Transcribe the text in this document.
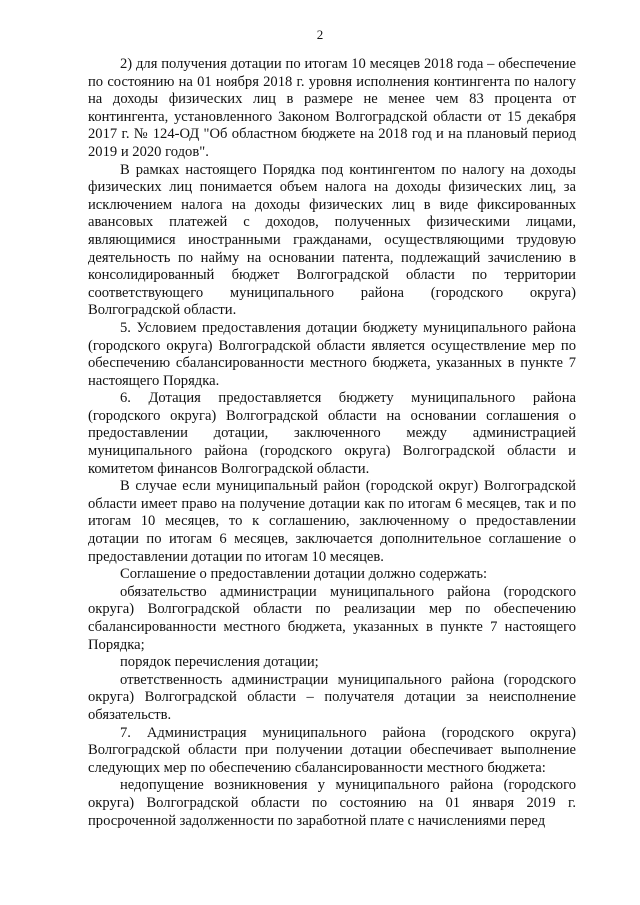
2

2) для получения дотации по итогам 10 месяцев 2018 года – обеспечение по состоянию на 01 ноября 2018 г. уровня исполнения контингента по налогу на доходы физических лиц в размере не менее чем 83 процента от контингента, установленного Законом Волгоградской области от 15 декабря 2017 г. № 124-ОД "Об областном бюджете на 2018 год и на плановый период 2019 и 2020 годов".

В рамках настоящего Порядка под контингентом по налогу на доходы физических лиц понимается объем налога на доходы физических лиц, за исключением налога на доходы физических лиц в виде фиксированных авансовых платежей с доходов, полученных физическими лицами, являющимися иностранными гражданами, осуществляющими трудовую деятельность по найму на основании патента, подлежащий зачислению в консолидированный бюджет Волгоградской области по территории соответствующего муниципального района (городского округа) Волгоградской области.

5. Условием предоставления дотации бюджету муниципального района (городского округа) Волгоградской области является осуществление мер по обеспечению сбалансированности местного бюджета, указанных в пункте 7 настоящего Порядка.

6. Дотация предоставляется бюджету муниципального района (городского округа) Волгоградской области на основании соглашения о предоставлении дотации, заключенного между администрацией муниципального района (городского округа) Волгоградской области и комитетом финансов Волгоградской области.

В случае если муниципальный район (городской округ) Волгоградской области имеет право на получение дотации как по итогам 6 месяцев, так и по итогам 10 месяцев, то к соглашению, заключенному о предоставлении дотации по итогам 6 месяцев, заключается дополнительное соглашение о предоставлении дотации по итогам 10 месяцев.

Соглашение о предоставлении дотации должно содержать:

обязательство администрации муниципального района (городского округа) Волгоградской области по реализации мер по обеспечению сбалансированности местного бюджета, указанных в пункте 7 настоящего Порядка;

порядок перечисления дотации;

ответственность администрации муниципального района (городского округа) Волгоградской области – получателя дотации за неисполнение обязательств.

7. Администрация муниципального района (городского округа) Волгоградской области при получении дотации обеспечивает выполнение следующих мер по обеспечению сбалансированности местного бюджета:

недопущение возникновения у муниципального района (городского округа) Волгоградской области по состоянию на 01 января 2019 г. просроченной задолженности по заработной плате с начислениями перед
